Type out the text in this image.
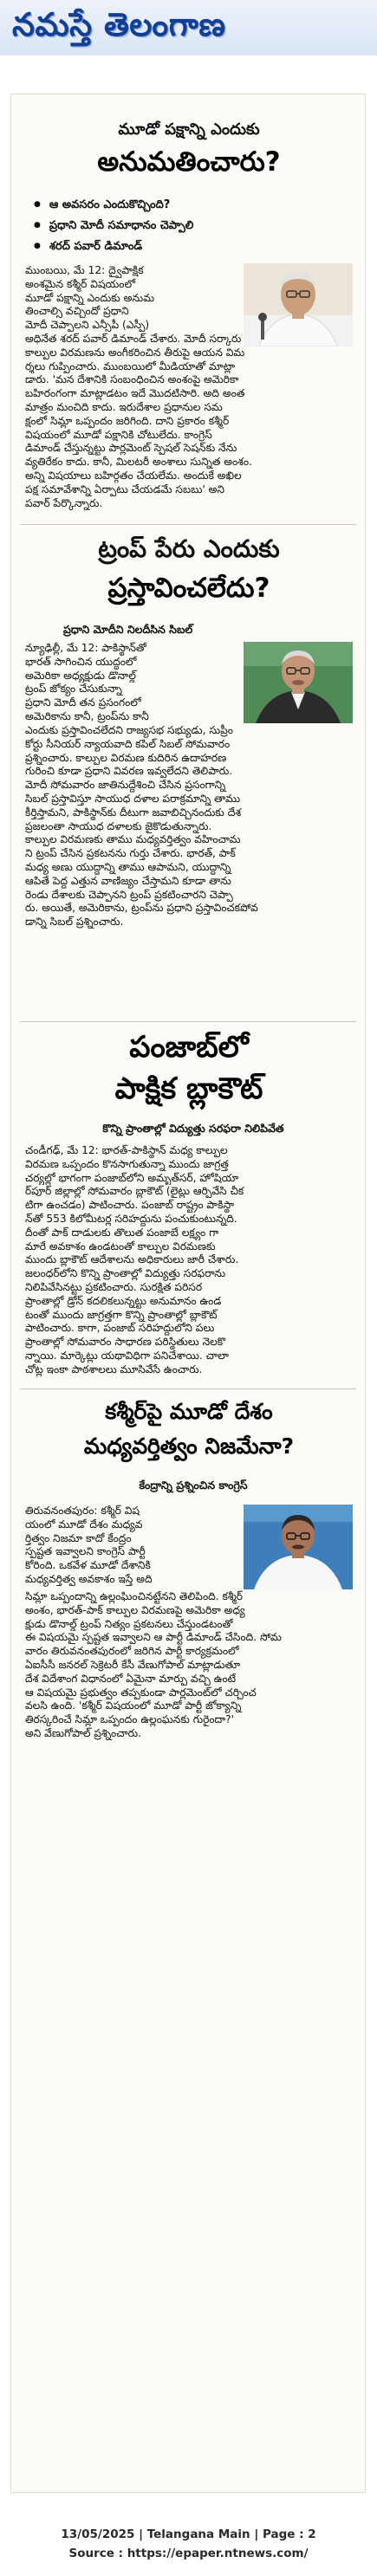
నమస్తే తెలంగాణ
మూడో పక్షాన్ని ఎందుకు
అనుమతించారు?
● ఆ అవసరం ఎందుకొచ్చింది?
● ప్రధాని మోదీ సమాధానం చెప్పాలి
● శరద్ పవార్ డిమాండ్
ముంబయి, మే 12: ద్వైపాక్షిక
అంశమైన కశ్మీర్ విషయంలో
మూడో పక్షాన్ని ఎందుకు అనుమ
తించాల్సి వచ్చిందో ప్రధాని
మోదీ చెప్పాలని ఎన్సీపీ (ఎస్పీ)
అధినేత శరద్ పవార్ డిమాండ్ చేశారు. మోదీ సర్కారు
కాల్పుల విరమణను అంగీకరించిన తీరుపై ఆయన విమ
ర్శలు గుప్పించారు. ముంబయిలో మీడియాతో మాట్లా
డారు. 'మన దేశానికి సంబంధించిన అంశంపై అమెరికా
బహిరంగంగా మాట్లాడటం ఇదే మొదటిసారి. అది అంత
మాత్రం మంచిది కాదు. ఇరుదేశాల ప్రధానుల సమ
క్షంలో సిమ్లా ఒప్పందం జరిగింది. దాని ప్రకారం కశ్మీర్
విషయంలో మూడో పక్షానికి చోటులేదు. కాంగ్రెస్
డిమాండ్ చేస్తున్నట్టు పార్లమెంట్ స్పెషల్ సెషన్‌కు నేను
వ్యతిరేకం కాదు. కానీ, మిలటరీ అంశాలు సున్నిత అంశం.
అన్ని విషయాలు బహిర్గతం చేయలేమ. అందుకే అఖిల
పక్ష సమావేశాన్ని ఏర్పాటు చేయడమే సబబు' అని
పవార్ పేర్కొన్నారు.
ట్రంప్ పేరు ఎందుకు
ప్రస్తావించలేదు?
ప్రధాని మోదీని నిలదీసిన సిబల్
న్యూఢిల్లీ, మే 12: పాకిస్థాన్‌తో
భారత్ సాగించిన యుద్ధంలో
అమెరికా అధ్యక్షుడు డొనాల్డ్
ట్రంప్ జోక్యం చేసుకున్నా
ప్రధాని మోదీ తన ప్రసంగంలో
అమెరికాను కానీ, ట్రంప్‌ను కానీ
ఎందుకు ప్రస్తావించలేదని రాజ్యసభ సభ్యుడు, సుప్రీం
కోర్టు సీనియర్ న్యాయవాది కపిల్ సిబల్ సోమవారం
ప్రశ్నించారు. కాల్పుల విరమణ కుదిరిన ఉదాహరణ
గురించి కూడా ప్రధాని వివరణ ఇవ్వలేదని తెలిపారు.
మోదీ సోమవారం జాతినుద్దేశించి చేసిన ప్రసంగాన్ని
సిబల్ ప్రస్తావిస్తూ సాయుధ దళాల పరాక్రమాన్ని తాము
కీర్తిస్తామని, పాకిస్థాన్‌కు దీటుగా జవాబిచ్చినందుకు దేశ
ప్రజలంతా సాయుధ దళాలకు జైకొడుతున్నారు.
కాల్పుల విరమణకు తాము మధ్యవర్తిత్వం వహించామ
ని ట్రంప్ చేసిన ప్రకటనను గుర్తు చేశారు. భారత్, పాక్
మధ్య అణు యుద్ధాన్ని తాము ఆపామని, యుద్ధాన్ని
ఆపితే పెద్ద ఎత్తున వాణిజ్యం చేస్తామని కూడా తాను
రెండు దేశాలకు చెప్పానని ట్రంప్ ప్రకటించారని చెప్పా
రు. అయితే, అమెరికాను, ట్రంప్‌ను ప్రధాని ప్రస్తావించకపోవ
డాన్ని సిబల్ ప్రశ్నించారు.
పంజాబ్‌లో
పాక్షిక బ్లాకౌట్
కొన్ని ప్రాంతాల్లో విద్యుత్తు సరఫరా నిలిపివేత
చండీగఢ్, మే 12: భారత్-పాకిస్థాన్ మధ్య కాల్పుల
విరమణ ఒప్పందం కొనసాగుతున్నా ముందు జాగ్రత్త
చర్యల్లో భాగంగా పంజాబ్‌లోని అమృత్‌సర్, హోషియా
ర్‌పూర్ జిల్లాల్లో సోమవారం బ్లాకౌట్ (లైట్లు ఆర్పివేసి చీక
టిగా ఉంచడం) పాటించారు. పంజాబ్ రాష్ట్రం పాకిస్థా
న్‌తో 553 కిలోమీటర్ల సరిహద్దును పంచుకుంటున్నది.
దీంతో పాక్ దాడులకు తొలుత పంజాబే లక్ష్యం గా
మారే అవకాశం ఉండటంతో కాల్పుల విరమణకు
ముందు బ్లాకౌట్ ఆదేశాలను అధికారులు జారీ చేశారు.
జలంధర్‌లోని కొన్ని ప్రాంతాల్లో విద్యుత్తు సరఫరాను
నిలిపివేసినట్టు ప్రకటించారు. సురక్షిత పరిసర
ప్రాంతాల్లో డ్రోన్ కదలికలున్నట్టు అనుమానం ఉండ
టంతో ముందు జాగ్రత్తగా కొన్ని ప్రాంతాల్లో బ్లాకౌట్
పాటించారు. కాగా, పంజాబ్ సరిహద్దులోని పలు
ప్రాంతాల్లో సోమవారం సాధారణ పరిస్థితులు నెలకొ
న్నాయి. మార్కెట్లు యథావిధిగా పనిచేశాయి. చాలా
చోట్ల ఇంకా పాఠశాలలు మూసివేసే ఉంచారు.
కశ్మీర్‌పై మూడో దేశం
మధ్యవర్తిత్వం నిజమేనా?
కేంద్రాన్ని ప్రశ్నించిన కాంగ్రెస్
తిరువనంతపురం: కశ్మీర్ విష
యంలో మూడో దేశం మధ్యవ
ర్తిత్వం నిజమా కాదో కేంద్రం
స్పష్టత ఇవ్వాలని కాంగ్రెస్ పార్టీ
కోరింది. ఒకవేళ మూడో దేశానికి
మధ్యవర్తిత్వ అవకాశం ఇస్తే అది
సిమ్లా ఒప్పందాన్ని ఉల్లంఘించినట్టేనని తెలిపింది. కశ్మీర్
అంశం, భారత్-పాక్ కాల్పుల విరమణపై అమెరికా అధ్య
క్షుడు డొనాల్డ్ ట్రంప్ నిత్యం ప్రకటనలు చేస్తుండటంతో
ఈ విషయమై స్పష్టత ఇవ్వాలని ఆ పార్టీ డిమాండ్ చేసింది. సోమ
వారం తిరువనంతపురంలో జరిగిన పార్టీ కార్యక్రమంలో
ఏఐసీసీ జనరల్ సెక్రెటరీ కేసీ వేణుగోపాల్ మాట్లాడుతూ
దేశ విదేశాంగ విధానంలో ఏమైనా మార్పు వచ్చి ఉంటే
ఆ విషయమై ప్రభుత్వం తప్పకుండా పార్లమెంట్‌లో చర్చించ
వలసి ఉంది. 'కశ్మీర్ విషయంలో మూడో పార్టీ జోక్యాన్ని
తిరస్కరించే సిమ్లా ఒప్పందం ఉల్లంఘనకు గురైందా?'
అని వేణుగోపాల్ ప్రశ్నించారు.
13/05/2025 | Telangana Main | Page : 2
Source : https://epaper.ntnews.com/
